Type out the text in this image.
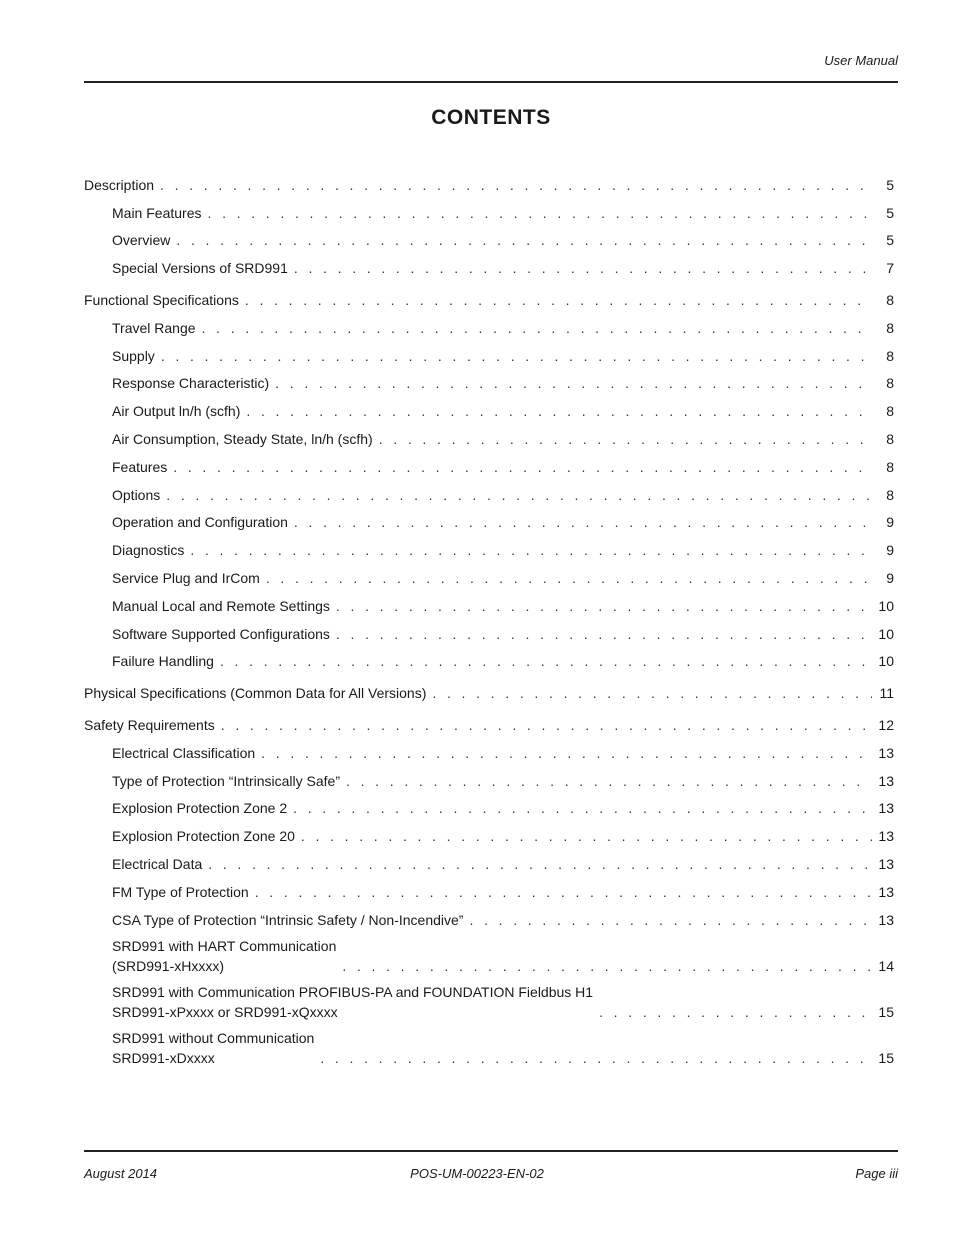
User Manual
CONTENTS
Description . . .	5
Main Features . . .	5
Overview . . .	5
Special Versions of SRD991 . . .	7
Functional Specifications . . .	8
Travel Range . . .	8
Supply . . .	8
Response Characteristic) . . .	8
Air Output ln/h (scfh) . . .	8
Air Consumption, Steady State, ln/h (scfh) . . .	8
Features . . .	8
Options . . .	8
Operation and Configuration . . .	9
Diagnostics . . .	9
Service Plug and IrCom . . .	9
Manual Local and Remote Settings . . .	10
Software Supported Configurations . . .	10
Failure Handling . . .	10
Physical Specifications (Common Data for All Versions) . . .	11
Safety Requirements . . .	12
Electrical Classification . . .	13
Type of Protection “Intrinsically Safe” . . .	13
Explosion Protection Zone 2 . . .	13
Explosion Protection Zone 20 . . .	13
Electrical Data . . .	13
FM Type of Protection . . .	13
CSA Type of Protection “Intrinsic Safety / Non-Incendive” . . .	13
SRD991 with HART Communication
(SRD991-xHxxxx) . . .	14
SRD991 with Communication PROFIBUS-PA and FOUNDATION Fieldbus H1
SRD991-xPxxxx or SRD991-xQxxxx . . .	15
SRD991 without Communication
SRD991-xDxxxx . . .	15
August 2014	POS-UM-00223-EN-02	Page iii
